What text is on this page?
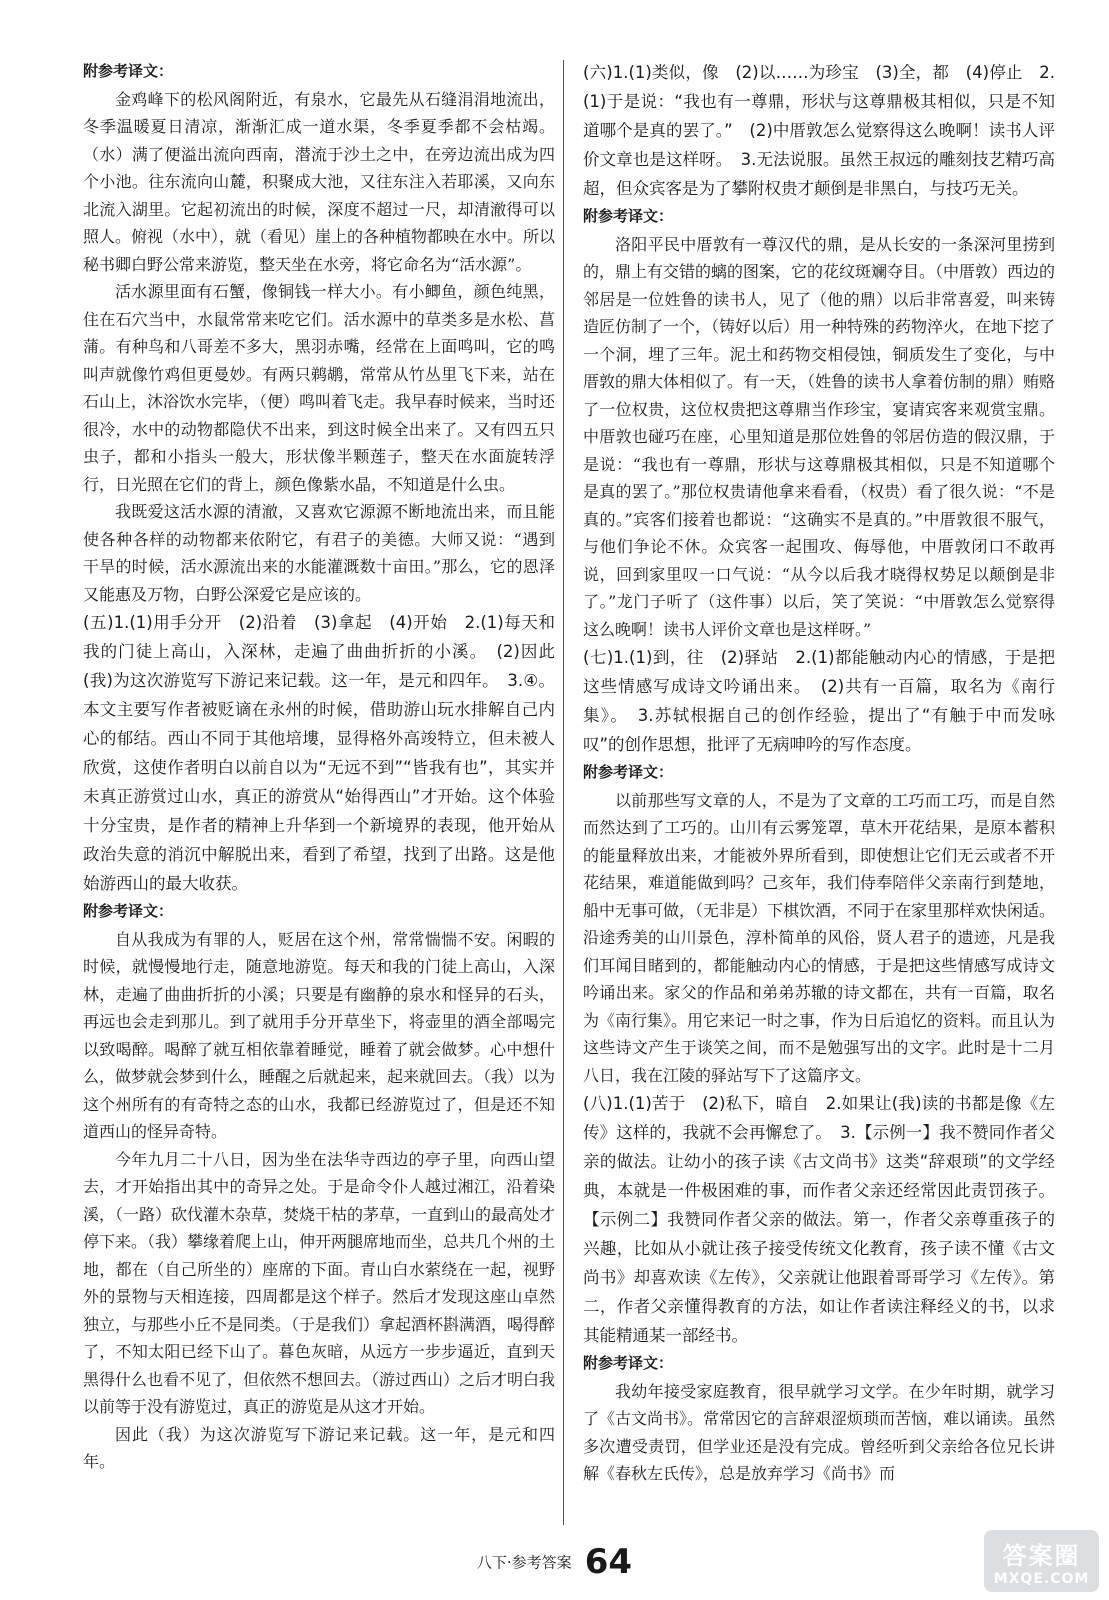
附参考译文：

金鸡峰下的松风阁附近，有泉水，它最先从石缝涓涓地流出，冬季温暖夏日清凉，渐渐汇成一道水渠，冬季夏季都不会枯竭。（水）满了便溢出流向西南，潜流于沙土之中，在旁边流出成为四个小池。往东流向山麓，积聚成大池，又往东注入若耶溪，又向东北流入湖里。它起初流出的时候，深度不超过一尺，却清澈得可以照人。俯视（水中），就（看见）崖上的各种植物都映在水中。所以秘书卿白野公常来游览，整天坐在水旁，将它命名为“活水源”。

活水源里面有石蟹，像铜钱一样大小。有小鲫鱼，颜色纯黑，住在石穴当中，水鼠常常来吃它们。活水源中的草类多是水松、菖蒲。有种鸟和八哥差不多大，黑羽赤嘴，经常在上面鸣叫，它的鸣叫声就像竹鸡但更曼妙。有两只鹈鹕，常常从竹丛里飞下来，站在石山上，沐浴饮水完毕，（便）鸣叫着飞走。我早春时候来，当时还很冷，水中的动物都隐伏不出来，到这时候全出来了。又有四五只虫子，都和小指头一般大，形状像半颗莲子，整天在水面旋转浮行，日光照在它们的背上，颜色像紫水晶，不知道是什么虫。

我既爱这活水源的清澈，又喜欢它源源不断地流出来，而且能使各种各样的动物都来依附它，有君子的美德。大师又说：“遇到干旱的时候，活水源流出来的水能灌溉数十亩田。”那么，它的恩泽又能惠及万物，白野公深爱它是应该的。

(五)1.(1)用手分开　(2)沿着　(3)拿起　(4)开始　2.(1)每天和我的门徒上高山，入深林，走遍了曲曲折折的小溪。　(2)因此(我)为这次游览写下游记来记载。这一年，是元和四年。　3.④。本文主要写作者被贬谪在永州的时候，借助游山玩水排解自己内心的郁结。西山不同于其他培塿，显得格外高竣特立，但未被人欣赏，这使作者明白以前自以为“无远不到”“皆我有也”，其实并未真正游赏过山水，真正的游赏从“始得西山”才开始。这个体验十分宝贵，是作者的精神上升华到一个新境界的表现，他开始从政治失意的消沉中解脱出来，看到了希望，找到了出路。这是他始游西山的最大收获。

附参考译文：

自从我成为有罪的人，贬居在这个州，常常惴惴不安。闲暇的时候，就慢慢地行走，随意地游览。每天和我的门徒上高山，入深林，走遍了曲曲折折的小溪；只要是有幽静的泉水和怪异的石头，再远也会走到那儿。到了就用手分开草坐下，将壶里的酒全部喝完以致喝醉。喝醉了就互相依靠着睡觉，睡着了就会做梦。心中想什么，做梦就会梦到什么，睡醒之后就起来，起来就回去。（我）以为这个州所有的有奇特之态的山水，我都已经游览过了，但是还不知道西山的怪异奇特。

今年九月二十八日，因为坐在法华寺西边的亭子里，向西山望去，才开始指出其中的奇异之处。于是命令仆人越过湘江，沿着染溪，（一路）砍伐灌木杂草，焚烧干枯的茅草，一直到山的最高处才停下来。（我）攀缘着爬上山，伸开两腿席地而坐，总共几个州的土地，都在（自己所坐的）座席的下面。青山白水萦绕在一起，视野外的景物与天相连接，四周都是这个样子。然后才发现这座山卓然独立，与那些小丘不是同类。（于是我们）拿起酒杯斟满酒，喝得醉了，不知太阳已经下山了。暮色灰暗，从远方一步步逼近，直到天黑得什么也看不见了，但依然不想回去。（游过西山）之后才明白我以前等于没有游览过，真正的游览是从这才开始。

因此（我）为这次游览写下游记来记载。这一年，是元和四年。

(六)1.(1)类似，像　(2)以……为珍宝　(3)全，都　(4)停止　2.(1)于是说：“我也有一尊鼎，形状与这尊鼎极其相似，只是不知道哪个是真的罢了。”　(2)中厝敦怎么觉察得这么晚啊！读书人评价文章也是这样呀。　3.无法说服。虽然王叔远的雕刻技艺精巧高超，但众宾客是为了攀附权贵才颠倒是非黑白，与技巧无关。

附参考译文：

洛阳平民中厝敦有一尊汉代的鼎，是从长安的一条深河里捞到的，鼎上有交错的螭的图案，它的花纹斑斓夺目。（中厝敦）西边的邻居是一位姓鲁的读书人，见了（他的鼎）以后非常喜爱，叫来铸造匠仿制了一个，（铸好以后）用一种特殊的药物淬火，在地下挖了一个洞，埋了三年。泥土和药物交相侵蚀，铜质发生了变化，与中厝敦的鼎大体相似了。有一天，（姓鲁的读书人拿着仿制的鼎）贿赂了一位权贵，这位权贵把这尊鼎当作珍宝，宴请宾客来观赏宝鼎。中厝敦也碰巧在座，心里知道是那位姓鲁的邻居仿造的假汉鼎，于是说：“我也有一尊鼎，形状与这尊鼎极其相似，只是不知道哪个是真的罢了。”那位权贵请他拿来看看，（权贵）看了很久说：“不是真的。”宾客们接着也都说：“这确实不是真的。”中厝敦很不服气，与他们争论不休。众宾客一起围攻、侮辱他，中厝敦闭口不敢再说，回到家里叹一口气说：“从今以后我才晓得权势足以颠倒是非了。”龙门子听了（这件事）以后，笑了笑说：“中厝敦怎么觉察得这么晚啊！读书人评价文章也是这样呀。”

(七)1.(1)到，往　(2)驿站　2.(1)都能触动内心的情感，于是把这些情感写成诗文吟诵出来。　(2)共有一百篇，取名为《南行集》。　3.苏轼根据自己的创作经验，提出了“有触于中而发咏叹”的创作思想，批评了无病呻吟的写作态度。

附参考译文：

以前那些写文章的人，不是为了文章的工巧而工巧，而是自然而然达到了工巧的。山川有云雾笼罩，草木开花结果，是原本蓄积的能量释放出来，才能被外界所看到，即使想让它们无云或者不开花结果，难道能做到吗？己亥年，我们侍奉陪伴父亲南行到楚地，船中无事可做，（无非是）下棋饮酒，不同于在家里那样欢快闲适。沿途秀美的山川景色，淳朴简单的风俗，贤人君子的遗迹，凡是我们耳闻目睹到的，都能触动内心的情感，于是把这些情感写成诗文吟诵出来。家父的作品和弟弟苏辙的诗文都在，共有一百篇，取名为《南行集》。用它来记一时之事，作为日后追忆的资料。而且认为这些诗文产生于谈笑之间，而不是勉强写出的文字。此时是十二月八日，我在江陵的驿站写下了这篇序文。

(八)1.(1)苦于　(2)私下，暗自　2.如果让(我)读的书都是像《左传》这样的，我就不会再懈怠了。　3.【示例一】我不赞同作者父亲的做法。让幼小的孩子读《古文尚书》这类“辞艰琐”的文学经典，本就是一件极困难的事，而作者父亲还经常因此责罚孩子。【示例二】我赞同作者父亲的做法。第一，作者父亲尊重孩子的兴趣，比如从小就让孩子接受传统文化教育，孩子读不懂《古文尚书》却喜欢读《左传》，父亲就让他跟着哥哥学习《左传》。第二，作者父亲懂得教育的方法，如让作者读注释经义的书，以求其能精通某一部经书。

附参考译文：

我幼年接受家庭教育，很早就学习文学。在少年时期，就学习了《古文尚书》。常常因它的言辞艰涩烦琐而苦恼，难以诵读。虽然多次遭受责罚，但学业还是没有完成。曾经听到父亲给各位兄长讲解《春秋左氏传》，总是放弃学习《尚书》而

八下·参考答案 64	答案圈
MXQE.COM
